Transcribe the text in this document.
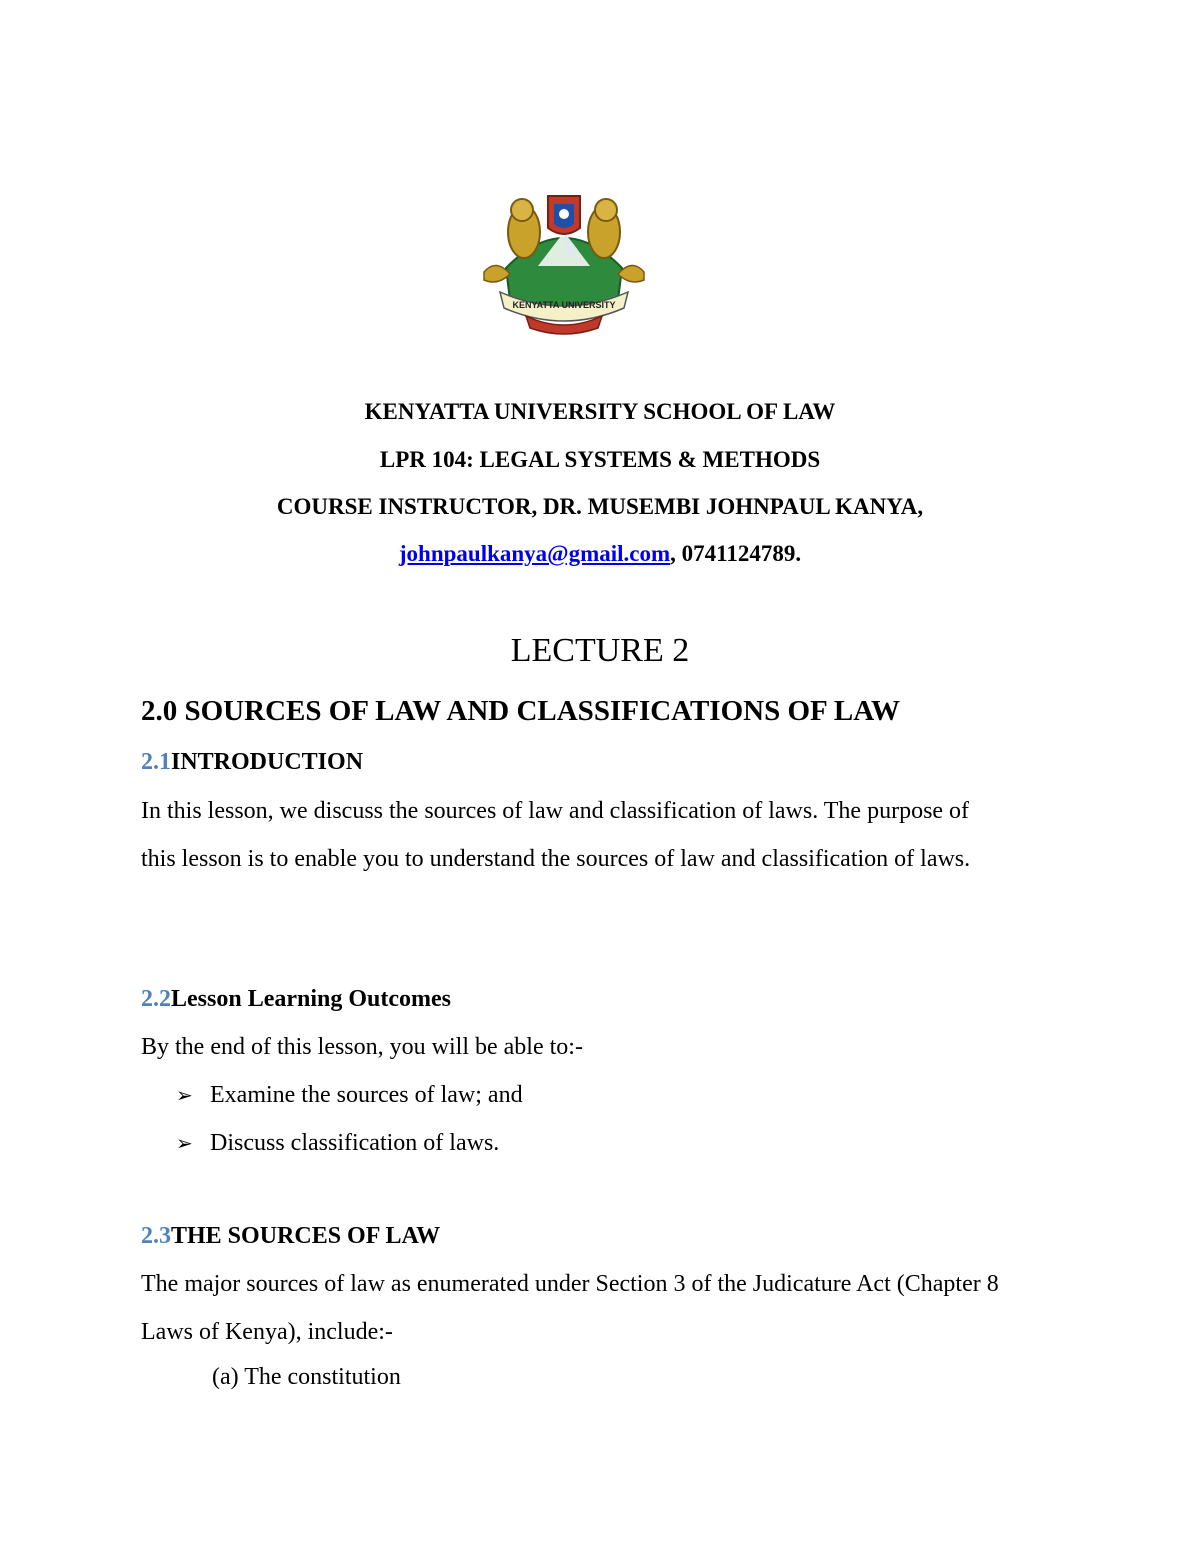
KENYATTA UNIVERSITY
KENYATTA UNIVERSITY SCHOOL OF LAW
LPR 104: LEGAL SYSTEMS & METHODS
COURSE INSTRUCTOR, DR. MUSEMBI JOHNPAUL KANYA,
johnpaulkanya@gmail.com, 0741124789.
LECTURE 2
2.0 SOURCES OF LAW AND CLASSIFICATIONS OF LAW
2.1INTRODUCTION
In this lesson, we discuss the sources of law and classification of laws. The purpose of this lesson is to enable you to understand the sources of law and classification of laws.
2.2Lesson Learning Outcomes
By the end of this lesson, you will be able to:-
➢ Examine the sources of law; and
➢ Discuss classification of laws.
2.3THE SOURCES OF LAW
The major sources of law as enumerated under Section 3 of the Judicature Act (Chapter 8 Laws of Kenya), include:-
(a) The constitution
